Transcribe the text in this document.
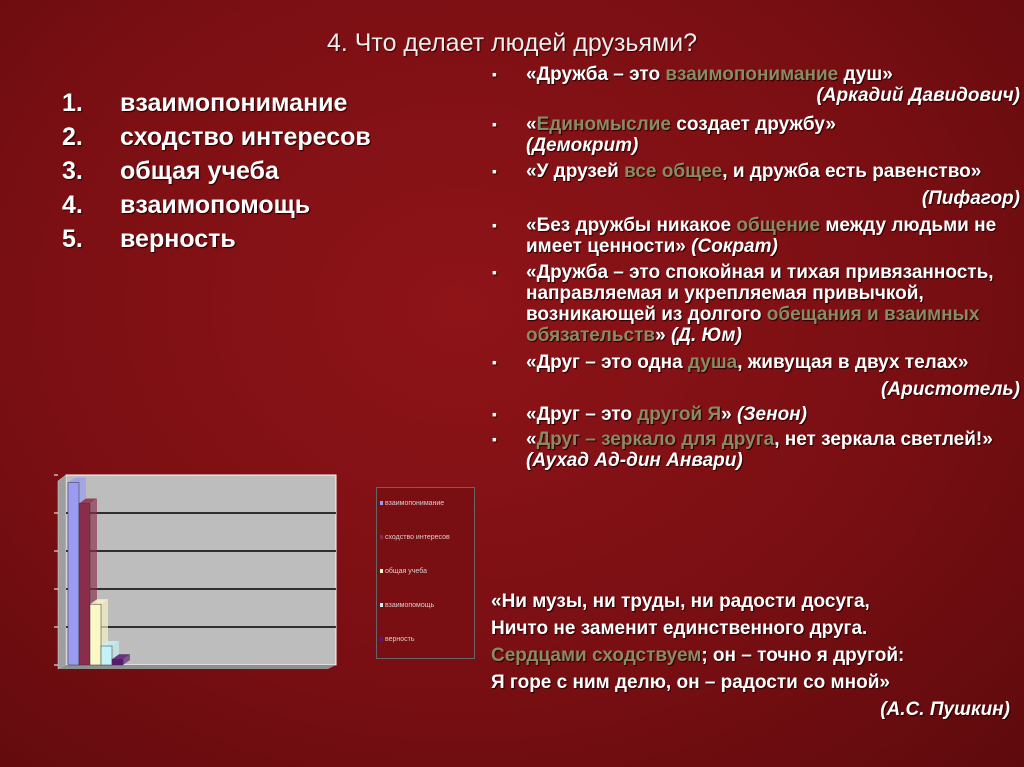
4. Что делает людей друзьями?
1. взаимопонимание
2. сходство интересов
3. общая учеба
4. взаимопомощь
5. верность
▪ «Дружба – это взаимопонимание душ»
(Аркадий Давидович)
▪ «Единомыслие создает дружбу»
(Демокрит)
▪ «У друзей все общее, и дружба есть равенство»
(Пифагор)
▪ «Без дружбы никакое общение между людьми не имеет ценности» (Сократ)
▪ «Дружба – это спокойная и тихая привязанность, направляемая и укрепляемая привычкой, возникающей из долгого обещания и взаимных обязательств» (Д. Юм)
▪ «Друг – это одна душа, живущая в двух телах»
(Аристотель)
▪ «Друг – это другой Я» (Зенон)
▪ «Друг – зеркало для друга, нет зеркала светлей!» (Аухад Ад-дин Анвари)
«Ни музы, ни труды, ни радости досуга,
Ничто не заменит единственного друга.
Сердцами сходствуем; он – точно я другой:
Я горе с ним делю, он – радости со мной»
(А.С. Пушкин)
взаимопонимание
сходство интересов
общая учеба
взаимопомощь
верность
